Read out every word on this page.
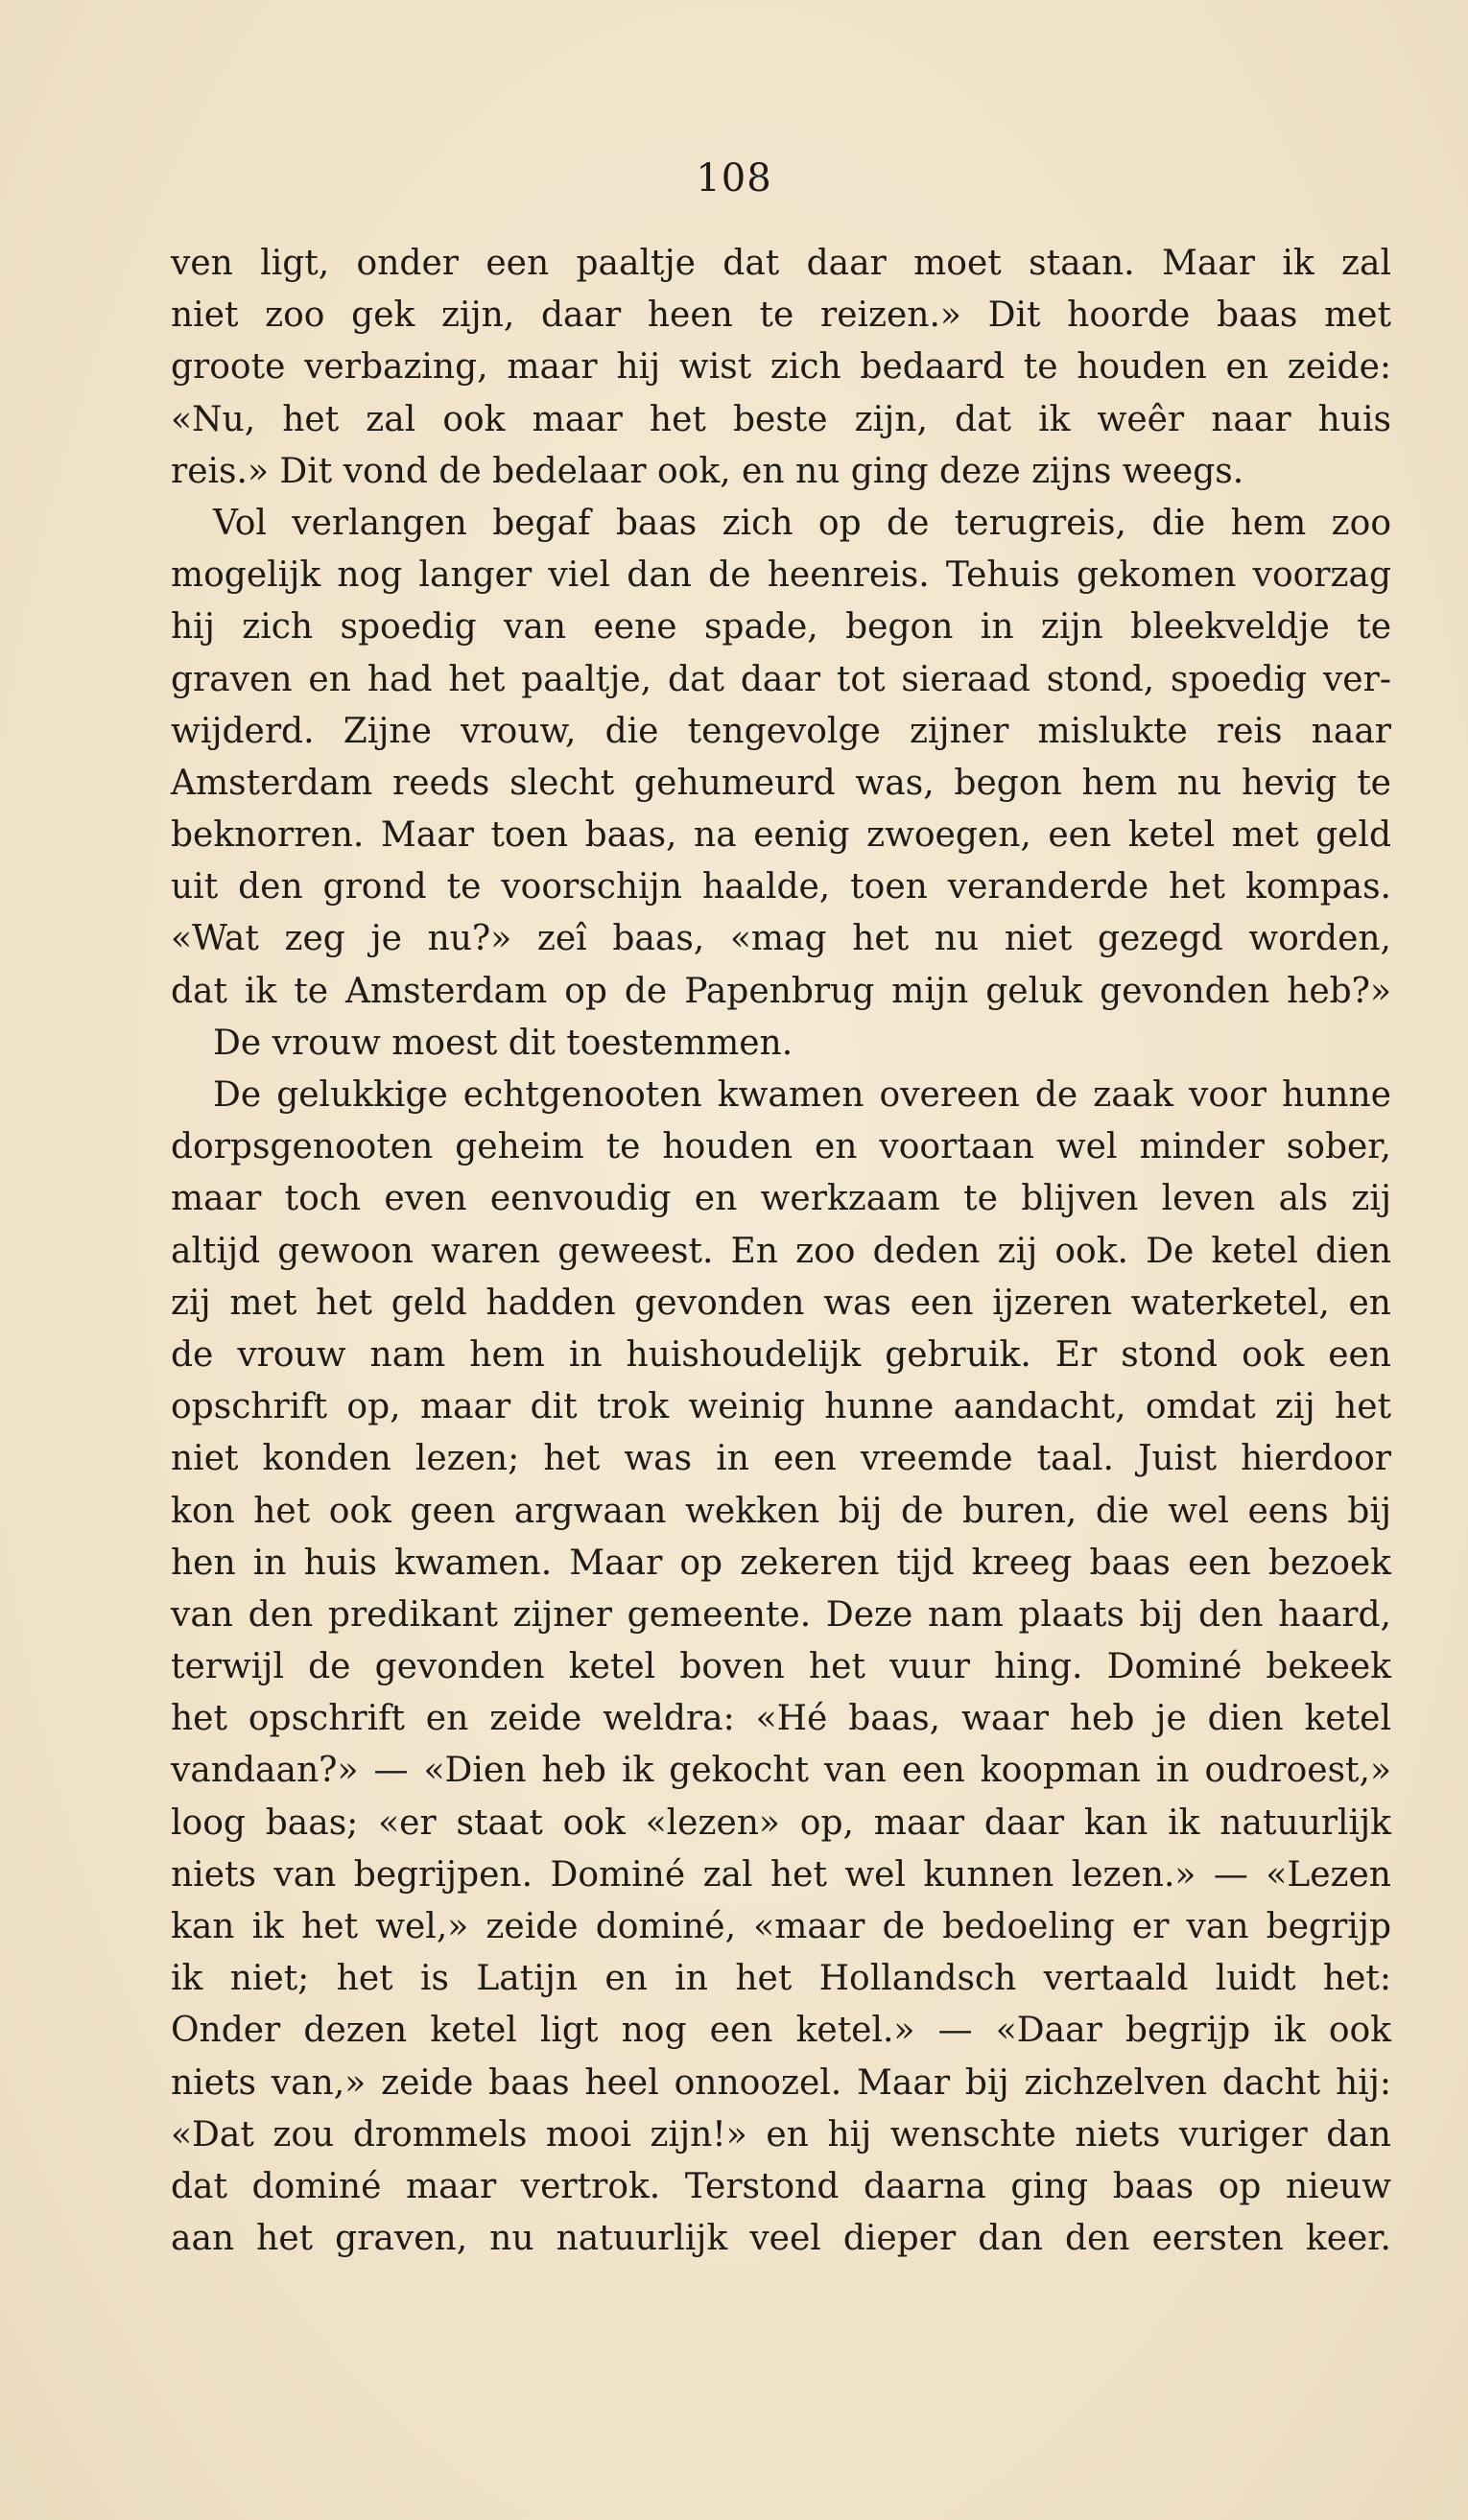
108
ven ligt, onder een paaltje dat daar moet staan. Maar ik zal
niet zoo gek zijn, daar heen te reizen.» Dit hoorde baas met
groote verbazing, maar hij wist zich bedaard te houden en zeide:
«Nu, het zal ook maar het beste zijn, dat ik weêr naar huis
reis.» Dit vond de bedelaar ook, en nu ging deze zijns weegs.
Vol verlangen begaf baas zich op de terugreis, die hem zoo
mogelijk nog langer viel dan de heenreis. Tehuis gekomen voorzag
hij zich spoedig van eene spade, begon in zijn bleekveldje te
graven en had het paaltje, dat daar tot sieraad stond, spoedig ver-
wijderd. Zijne vrouw, die tengevolge zijner mislukte reis naar
Amsterdam reeds slecht gehumeurd was, begon hem nu hevig te
beknorren. Maar toen baas, na eenig zwoegen, een ketel met geld
uit den grond te voorschijn haalde, toen veranderde het kompas.
«Wat zeg je nu?» zeî baas, «mag het nu niet gezegd worden,
dat ik te Amsterdam op de Papenbrug mijn geluk gevonden heb?»
De vrouw moest dit toestemmen.
De gelukkige echtgenooten kwamen overeen de zaak voor hunne
dorpsgenooten geheim te houden en voortaan wel minder sober,
maar toch even eenvoudig en werkzaam te blijven leven als zij
altijd gewoon waren geweest. En zoo deden zij ook. De ketel dien
zij met het geld hadden gevonden was een ijzeren waterketel, en
de vrouw nam hem in huishoudelijk gebruik. Er stond ook een
opschrift op, maar dit trok weinig hunne aandacht, omdat zij het
niet konden lezen; het was in een vreemde taal. Juist hierdoor
kon het ook geen argwaan wekken bij de buren, die wel eens bij
hen in huis kwamen. Maar op zekeren tijd kreeg baas een bezoek
van den predikant zijner gemeente. Deze nam plaats bij den haard,
terwijl de gevonden ketel boven het vuur hing. Dominé bekeek
het opschrift en zeide weldra: «Hé baas, waar heb je dien ketel
vandaan?» — «Dien heb ik gekocht van een koopman in oudroest,»
loog baas; «er staat ook «lezen» op, maar daar kan ik natuurlijk
niets van begrijpen. Dominé zal het wel kunnen lezen.» — «Lezen
kan ik het wel,» zeide dominé, «maar de bedoeling er van begrijp
ik niet; het is Latijn en in het Hollandsch vertaald luidt het:
Onder dezen ketel ligt nog een ketel.» — «Daar begrijp ik ook
niets van,» zeide baas heel onnoozel. Maar bij zichzelven dacht hij:
«Dat zou drommels mooi zijn!» en hij wenschte niets vuriger dan
dat dominé maar vertrok. Terstond daarna ging baas op nieuw
aan het graven, nu natuurlijk veel dieper dan den eersten keer.
